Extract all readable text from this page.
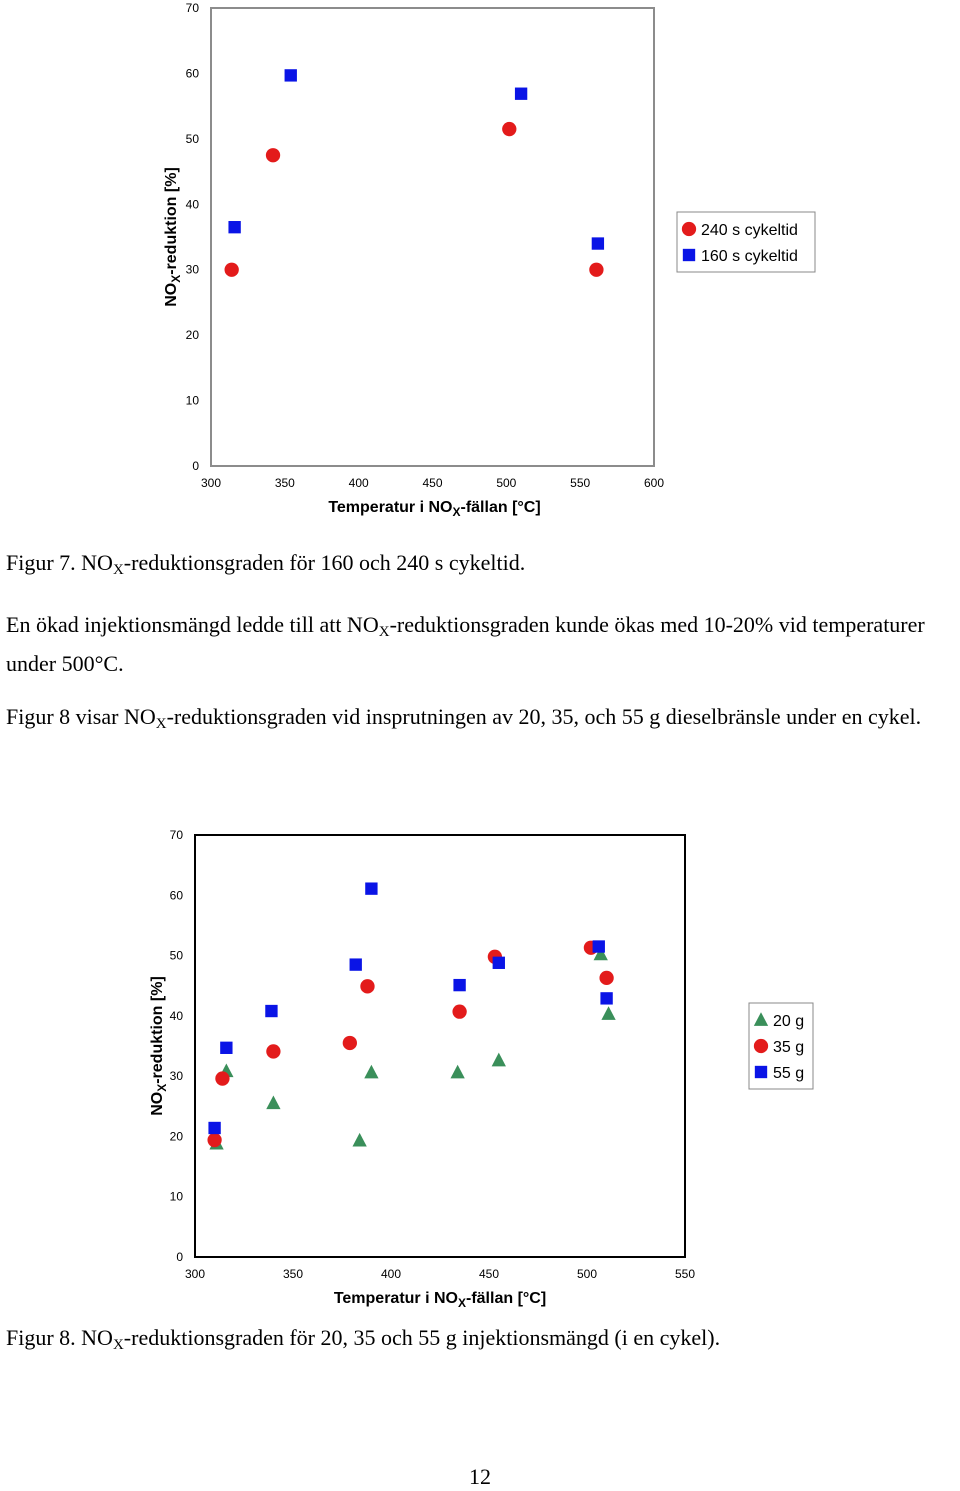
0
10
20
30
40
50
60
70
300	350	400	450	500	550	600
Temperatur i $NO_X$-fällan [°C]
$NO_X$-reduktion [%]	240 s cykeltid
160 s cykeltid
Figur 7. $NO_X$-reduktionsgraden för 160 och 240 s cykeltid.
En ökad injektionsmängd ledde till att $NO_X$-reduktionsgraden kunde ökas med 10-20% vid temperaturer under 500°C.
Figur 8 visar $NO_X$-reduktionsgraden vid insprutningen av 20, 35, och 55 g dieselbränsle under en cykel.
0
10
20
30
40
50
60
70
300	350	400	450	500	550
Temperatur i $NO_X$-fällan [°C]
$NO_X$-reduktion [%]	20 g
35 g
55 g
Figur 8. $NO_X$-reduktionsgraden för 20, 35 och 55 g injektionsmängd (i en cykel).
12
